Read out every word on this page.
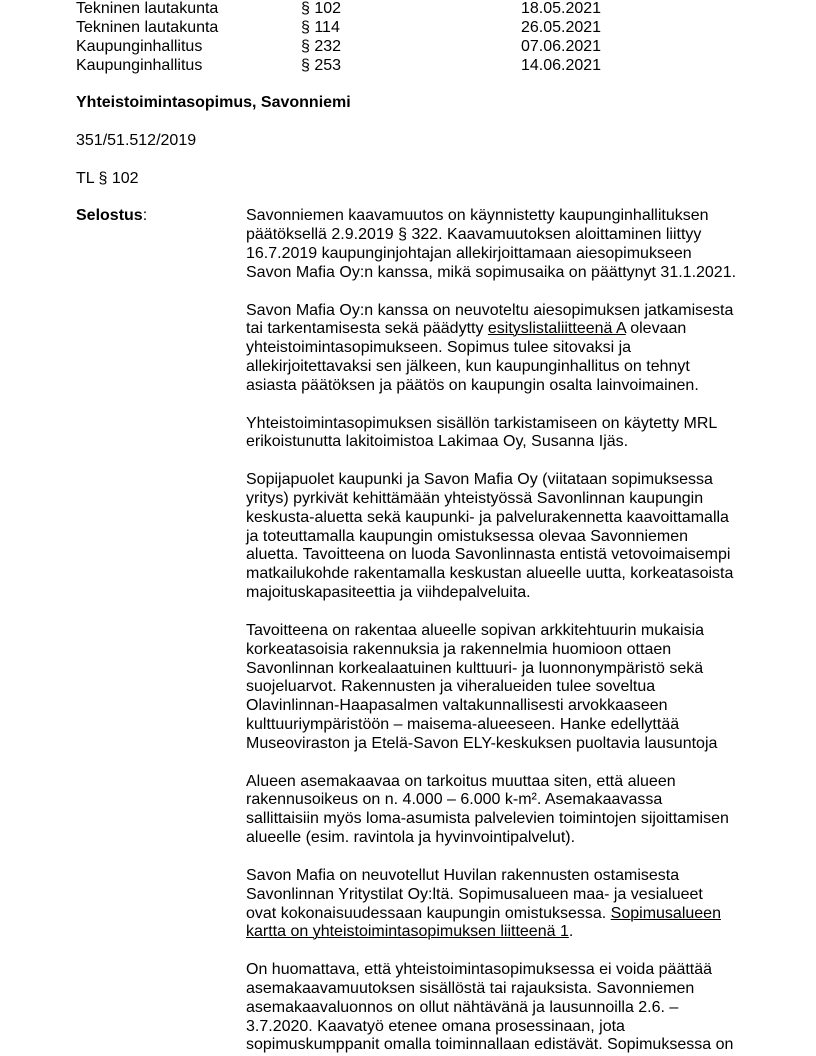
Tekninen lautakunta	§ 102	18.05.2021
Tekninen lautakunta	§ 114	26.05.2021
Kaupunginhallitus	§ 232	07.06.2021
Kaupunginhallitus	§ 253	14.06.2021
Yhteistoimintasopimus, Savonniemi
351/51.512/2019
TL § 102
Selostus:	Savonniemen kaavamuutos on käynnistetty kaupunginhallituksen
päätöksellä 2.9.2019 § 322. Kaavamuutoksen aloittaminen liittyy
16.7.2019 kaupunginjohtajan allekirjoittamaan aiesopimukseen
Savon Mafia Oy:n kanssa, mikä sopimusaika on päättynyt 31.1.2021.
Savon Mafia Oy:n kanssa on neuvoteltu aiesopimuksen jatkamisesta
tai tarkentamisesta sekä päädytty esityslistaliitteenä A olevaan
yhteistoimintasopimukseen. Sopimus tulee sitovaksi ja
allekirjoitettavaksi sen jälkeen, kun kaupunginhallitus on tehnyt
asiasta päätöksen ja päätös on kaupungin osalta lainvoimainen.
Yhteistoimintasopimuksen sisällön tarkistamiseen on käytetty MRL
erikoistunutta lakitoimistoa Lakimaa Oy, Susanna Ijäs.
Sopijapuolet kaupunki ja Savon Mafia Oy (viitataan sopimuksessa
yritys) pyrkivät kehittämään yhteistyössä Savonlinnan kaupungin
keskusta-aluetta sekä kaupunki- ja palvelurakennetta kaavoittamalla
ja toteuttamalla kaupungin omistuksessa olevaa Savonniemen
aluetta. Tavoitteena on luoda Savonlinnasta entistä vetovoimaisempi
matkailukohde rakentamalla keskustan alueelle uutta, korkeatasoista
majoituskapasiteettia ja viihdepalveluita.
Tavoitteena on rakentaa alueelle sopivan arkkitehtuurin mukaisia
korkeatasoisia rakennuksia ja rakennelmia huomioon ottaen
Savonlinnan korkealaatuinen kulttuuri- ja luonnonympäristö sekä
suojeluarvot. Rakennusten ja viheralueiden tulee soveltua
Olavinlinnan-Haapasalmen valtakunnallisesti arvokkaaseen
kulttuuriympäristöön – maisema-alueeseen. Hanke edellyttää
Museoviraston ja Etelä-Savon ELY-keskuksen puoltavia lausuntoja
Alueen asemakaavaa on tarkoitus muuttaa siten, että alueen
rakennusoikeus on n. 4.000 – 6.000 k-m². Asemakaavassa
sallittaisiin myös loma-asumista palvelevien toimintojen sijoittamisen
alueelle (esim. ravintola ja hyvinvointipalvelut).
Savon Mafia on neuvotellut Huvilan rakennusten ostamisesta
Savonlinnan Yritystilat Oy:ltä. Sopimusalueen maa- ja vesialueet
ovat kokonaisuudessaan kaupungin omistuksessa. Sopimusalueen
kartta on yhteistoimintasopimuksen liitteenä 1.
On huomattava, että yhteistoimintasopimuksessa ei voida päättää
asemakaavamuutoksen sisällöstä tai rajauksista. Savonniemen
asemakaavaluonnos on ollut nähtävänä ja lausunnoilla 2.6. –
3.7.2020. Kaavatyö etenee omana prosessinaan, jota
sopimuskumppanit omalla toiminnallaan edistävät. Sopimuksessa on
